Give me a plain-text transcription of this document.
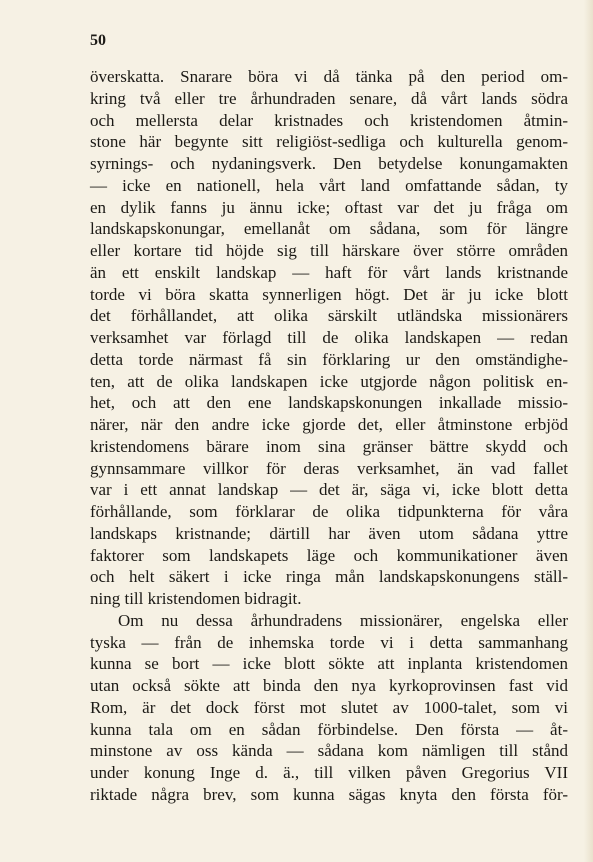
50
överskatta. Snarare böra vi då tänka på den period om-
kring två eller tre århundraden senare, då vårt lands södra
och mellersta delar kristnades och kristendomen åtmin-
stone här begynte sitt religiöst-sedliga och kulturella genom-
syrnings- och nydaningsverk. Den betydelse konungamakten
— icke en nationell, hela vårt land omfattande sådan, ty
en dylik fanns ju ännu icke; oftast var det ju fråga om
landskapskonungar, emellanåt om sådana, som för längre
eller kortare tid höjde sig till härskare över större områden
än ett enskilt landskap — haft för vårt lands kristnande
torde vi böra skatta synnerligen högt. Det är ju icke blott
det förhållandet, att olika särskilt utländska missionärers
verksamhet var förlagd till de olika landskapen — redan
detta torde närmast få sin förklaring ur den omständighe-
ten, att de olika landskapen icke utgjorde någon politisk en-
het, och att den ene landskapskonungen inkallade missio-
närer, när den andre icke gjorde det, eller åtminstone erbjöd
kristendomens bärare inom sina gränser bättre skydd och
gynnsammare villkor för deras verksamhet, än vad fallet
var i ett annat landskap — det är, säga vi, icke blott detta
förhållande, som förklarar de olika tidpunkterna för våra
landskaps kristnande; därtill har även utom sådana yttre
faktorer som landskapets läge och kommunikationer även
och helt säkert i icke ringa mån landskapskonungens ställ-
ning till kristendomen bidragit.
Om nu dessa århundradens missionärer, engelska eller
tyska — från de inhemska torde vi i detta sammanhang
kunna se bort — icke blott sökte att inplanta kristendomen
utan också sökte att binda den nya kyrkoprovinsen fast vid
Rom, är det dock först mot slutet av 1000-talet, som vi
kunna tala om en sådan förbindelse. Den första — åt-
minstone av oss kända — sådana kom nämligen till stånd
under konung Inge d. ä., till vilken påven Gregorius VII
riktade några brev, som kunna sägas knyta den första för-
